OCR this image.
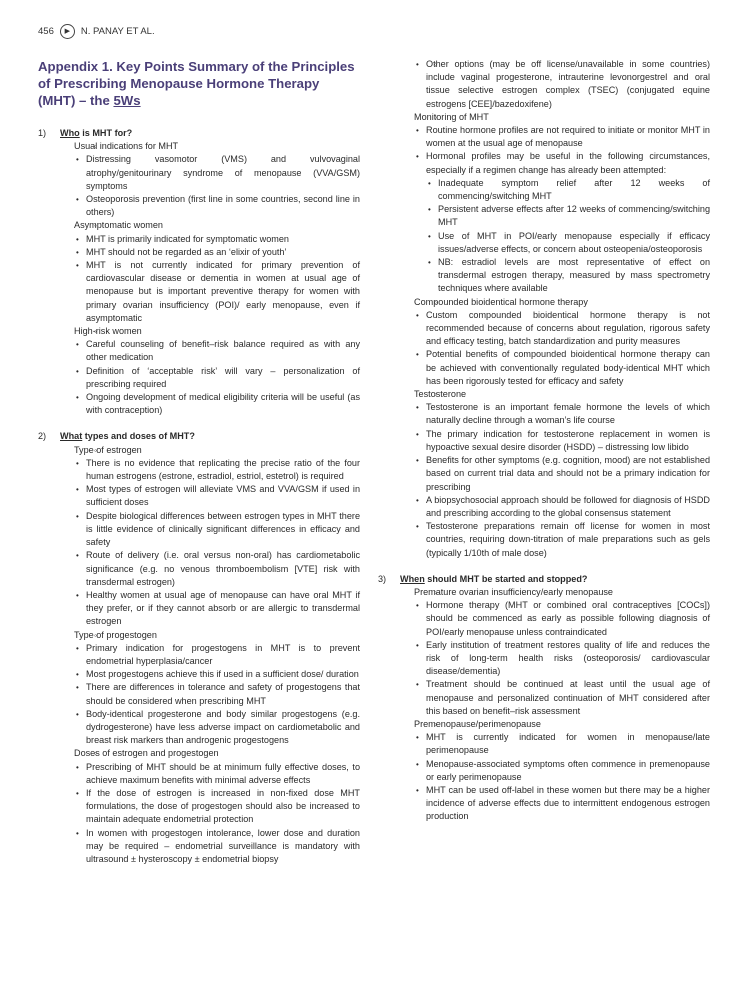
456	▶	N. PANAY ET AL.
Appendix 1. Key Points Summary of the Principles of Prescribing Menopause Hormone Therapy (MHT) – the 5Ws
1)	Who is MHT for?
◦ Usual indications for MHT
• Distressing vasomotor (VMS) and vulvovaginal atrophy/genitourinary syndrome of menopause (VVA/GSM) symptoms
• Osteoporosis prevention (first line in some countries, second line in others)
◦ Asymptomatic women
• MHT is primarily indicated for symptomatic women
• MHT should not be regarded as an ‘elixir of youth’
• MHT is not currently indicated for primary prevention of cardiovascular disease or dementia in women at usual age of menopause but is important preventive therapy for women with primary ovarian insufficiency (POI)/ early menopause, even if asymptomatic
◦ High-risk women
• Careful counseling of benefit–risk balance required as with any other medication
• Definition of ‘acceptable risk’ will vary – personalization of prescribing required
• Ongoing development of medical eligibility criteria will be useful (as with contraception)
2)	What types and doses of MHT?
◦ Type of estrogen
• There is no evidence that replicating the precise ratio of the four human estrogens (estrone, estradiol, estriol, estetrol) is required
• Most types of estrogen will alleviate VMS and VVA/GSM if used in sufficient doses
• Despite biological differences between estrogen types in MHT there is little evidence of clinically significant differences in efficacy and safety
• Route of delivery (i.e. oral versus non-oral) has cardiometabolic significance (e.g. no venous thromboembolism [VTE] risk with transdermal estrogen)
• Healthy women at usual age of menopause can have oral MHT if they prefer, or if they cannot absorb or are allergic to transdermal estrogen
◦ Type of progestogen
• Primary indication for progestogens in MHT is to prevent endometrial hyperplasia/cancer
• Most progestogens achieve this if used in a sufficient dose/ duration
• There are differences in tolerance and safety of progestogens that should be considered when prescribing MHT
• Body-identical progesterone and body similar progestogens (e.g. dydrogesterone) have less adverse impact on cardiometabolic and breast risk markers than androgenic progestogens
◦ Doses of estrogen and progestogen
• Prescribing of MHT should be at minimum fully effective doses, to achieve maximum benefits with minimal adverse effects
• If the dose of estrogen is increased in non-fixed dose MHT formulations, the dose of progestogen should also be increased to maintain adequate endometrial protection
• In women with progestogen intolerance, lower dose and duration may be required – endometrial surveillance is mandatory with ultrasound ± hysteroscopy ± endometrial biopsy
• ◦ Other options (may be off license/unavailable in some countries) include vaginal progesterone, intrauterine levonorgestrel and oral tissue selective estrogen complex (TSEC) (conjugated equine estrogens [CEE]/bazedoxifene)
◦ Monitoring of MHT
• Routine hormone profiles are not required to initiate or monitor MHT in women at the usual age of menopause
• Hormonal profiles may be useful in the following circumstances, especially if a regimen change has already been attempted:
• Inadequate symptom relief after 12 weeks of commencing/switching MHT
• Persistent adverse effects after 12 weeks of commencing/switching MHT
• Use of MHT in POI/early menopause especially if efficacy issues/adverse effects, or concern about osteopenia/osteoporosis
• NB: estradiol levels are most representative of effect on transdermal estrogen therapy, measured by mass spectrometry techniques where available
◦ Compounded bioidentical hormone therapy
• Custom compounded bioidentical hormone therapy is not recommended because of concerns about regulation, rigorous safety and efficacy testing, batch standardization and purity measures
• Potential benefits of compounded bioidentical hormone therapy can be achieved with conventionally regulated body-identical MHT which has been rigorously tested for efficacy and safety
◦ Testosterone
• Testosterone is an important female hormone the levels of which naturally decline through a woman’s life course
• The primary indication for testosterone replacement in women is hypoactive sexual desire disorder (HSDD) – distressing low libido
• Benefits for other symptoms (e.g. cognition, mood) are not established based on current trial data and should not be a primary indication for prescribing
• A biopsychosocial approach should be followed for diagnosis of HSDD and prescribing according to the global consensus statement
• Testosterone preparations remain off license for women in most countries, requiring down-titration of male preparations such as gels (typically 1/10th of male dose)
3)	When should MHT be started and stopped?
◦ Premature ovarian insufficiency/early menopause
• Hormone therapy (MHT or combined oral contraceptives [COCs]) should be commenced as early as possible following diagnosis of POI/early menopause unless contraindicated
• Early institution of treatment restores quality of life and reduces the risk of long-term health risks (osteoporosis/ cardiovascular disease/dementia)
• Treatment should be continued at least until the usual age of menopause and personalized continuation of MHT considered after this based on benefit–risk assessment
◦ Premenopause/perimenopause
• MHT is currently indicated for women in menopause/late perimenopause
• Menopause-associated symptoms often commence in premenopause or early perimenopause
• MHT can be used off-label in these women but there may be a higher incidence of adverse effects due to intermittent endogenous estrogen production
